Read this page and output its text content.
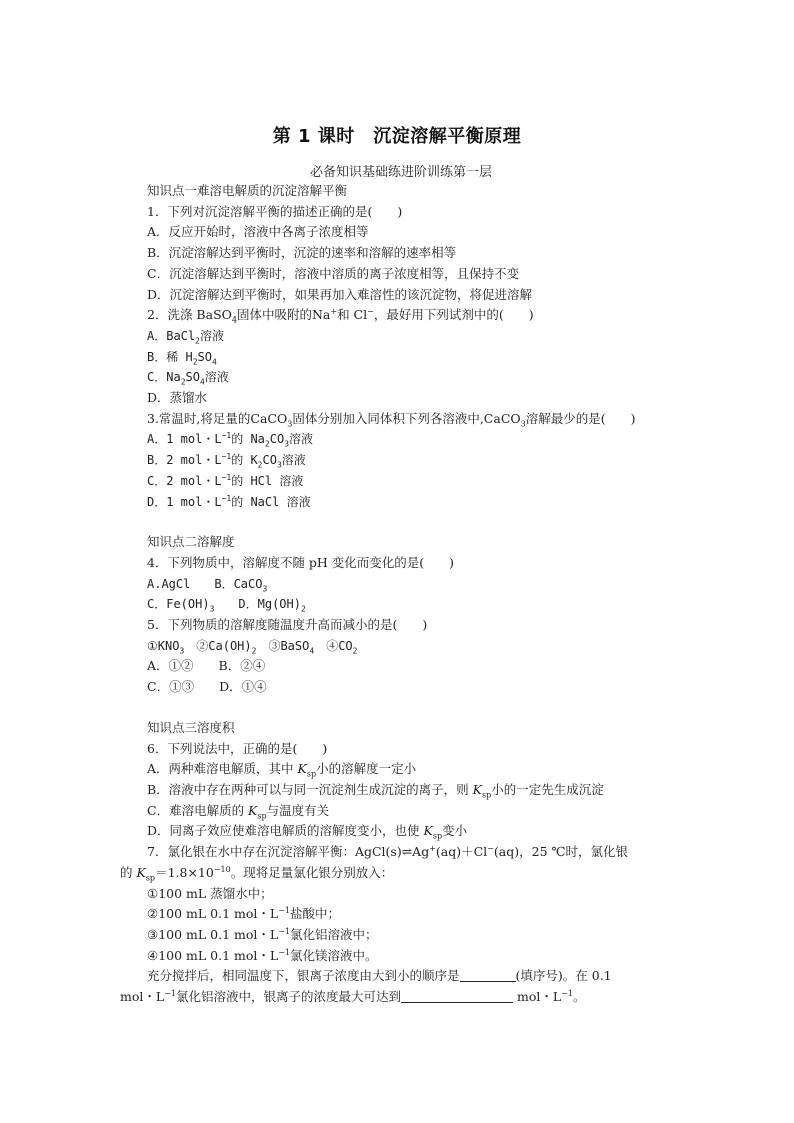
第 1 课时　沉淀溶解平衡原理
必备知识基础练进阶训练第一层
知识点一难溶电解质的沉淀溶解平衡
1．下列对沉淀溶解平衡的描述正确的是(　　)
A．反应开始时，溶液中各离子浓度相等
B．沉淀溶解达到平衡时，沉淀的速率和溶解的速率相等
C．沉淀溶解达到平衡时，溶液中溶质的离子浓度相等，且保持不变
D．沉淀溶解达到平衡时，如果再加入难溶性的该沉淀物，将促进溶解
2．洗涤 BaSO$_4$固体中吸附的Na+和 Cl−，最好用下列试剂中的(　　)
A．BaCl$_2$溶液
B．稀 $H_2SO_4$
C．$Na_2SO_4$溶液
D．蒸馏水
3.常温时,将足量的CaCO$_3$固体分别加入同体积下列各溶液中,CaCO$_3$溶解最少的是(　　)
A．1 mol・$L^{-1}$的 $Na_2CO_3$溶液
B．2 mol・$L^{-1}$的 $K_2CO_3$溶液
C．2 mol・$L^{-1}$的 HCl 溶液
D．1 mol・$L^{-1}$的 NaCl 溶液
知识点二溶解度
4．下列物质中，溶解度不随 pH 变化而变化的是(　　)
A.AgCl　　B．CaCO$_3$
C．$Fe(OH)_3$　　D．$Mg(OH)_2$
5．下列物质的溶解度随温度升高而减小的是(　　)
$①KNO_3$　$②Ca(OH)_2$　③BaSO$_4$　$④CO_2$
A．①②　　B．②④
C．①③　　D．①④
知识点三溶度积
6．下列说法中，正确的是(　　)
A．两种难溶电解质，其中 $K_{sp}$小的溶解度一定小
B．溶液中存在两种可以与同一沉淀剂生成沉淀的离子，则 $K_{sp}$小的一定先生成沉淀
C．难溶电解质的 $K_{sp}$与温度有关
D．同离子效应使难溶电解质的溶解度变小，也使 $K_{sp}$变小
7．氯化银在水中存在沉淀溶解平衡：AgCl(s)⇌Ag+(aq)＋Cl−(aq)，25 ℃时，氯化银
的 $K_{sp}=1.8\times 10^{-10}$。现将足量氯化银分别放入：
①100 mL 蒸馏水中；
②100 mL 0.1 mol・$L^{-1}$盐酸中；
③100 mL 0.1 mol・$L^{-1}$氯化铝溶液中；
④100 mL 0.1 mol・$L^{-1}$氯化镁溶液中。
充分搅拌后，相同温度下，银离子浓度由大到小的顺序是	(填序号)。在 0.1
mol・$L^{-1}$氯化铝溶液中，银离子的浓度最大可达到	mol・$L^{-1}$。
